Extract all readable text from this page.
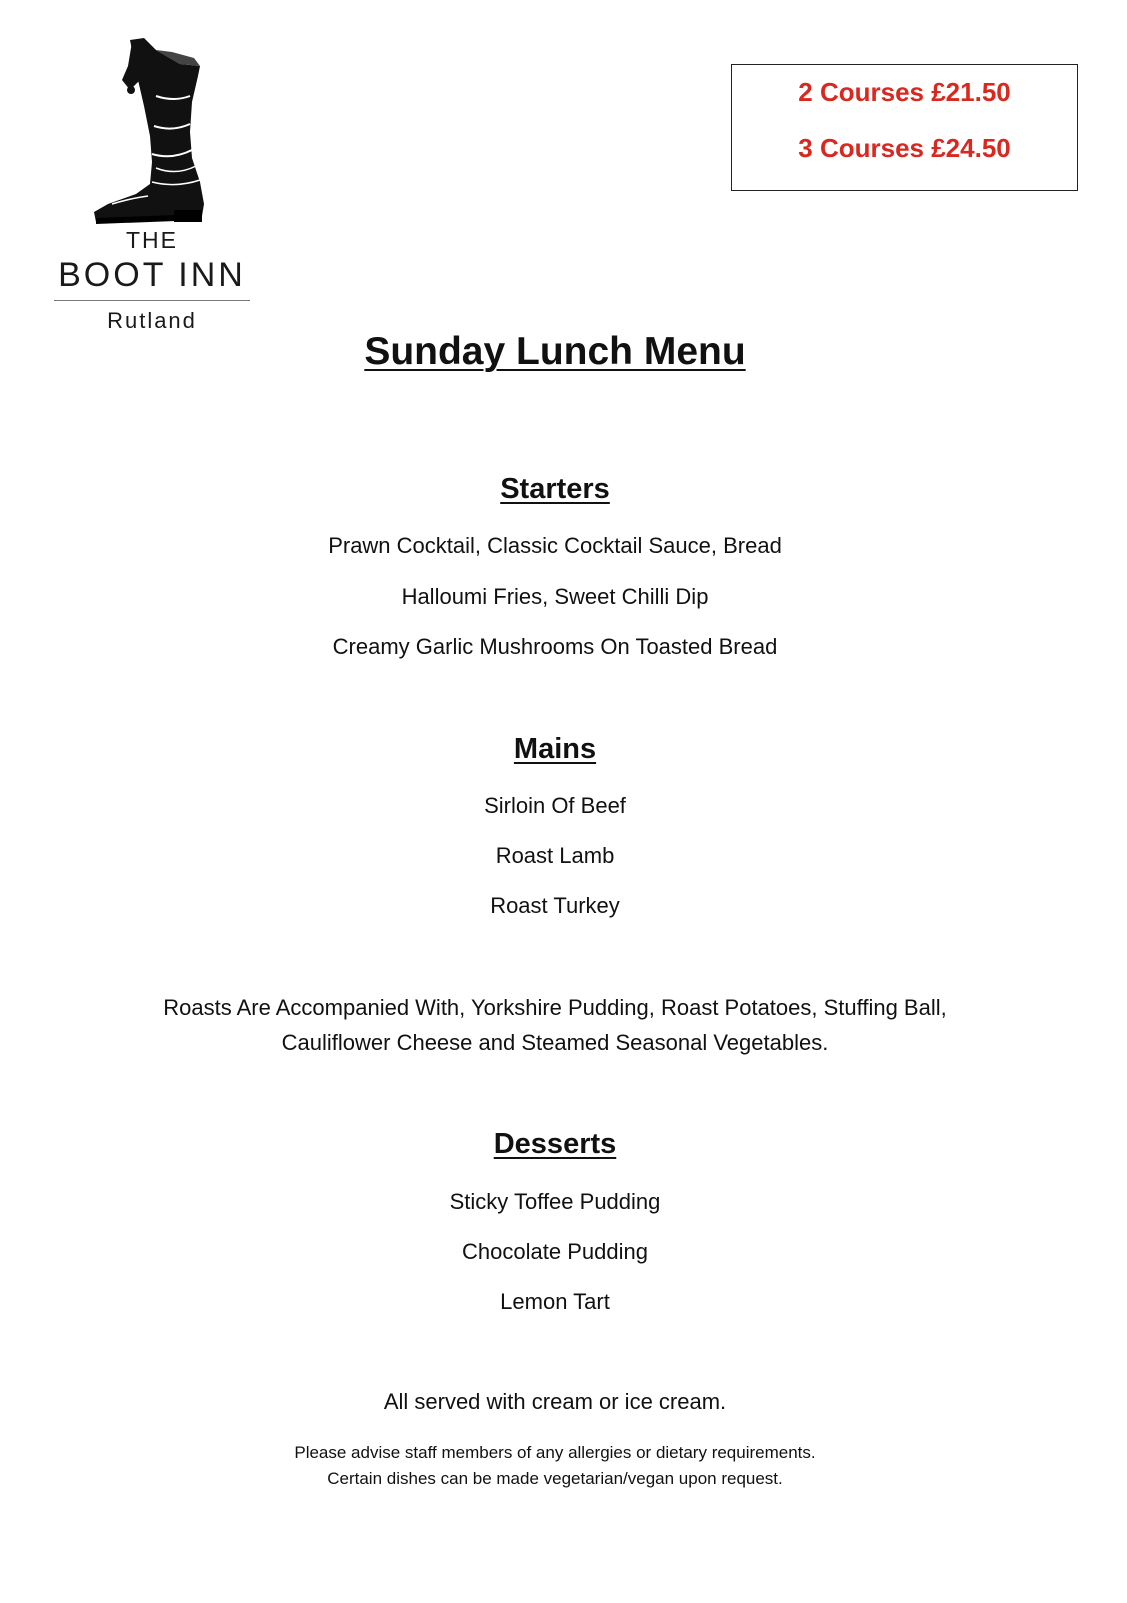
THE
BOOT INN
Rutland
2 Courses £21.50
3 Courses £24.50
Sunday Lunch Menu
Starters
Prawn Cocktail, Classic Cocktail Sauce, Bread
Halloumi Fries, Sweet Chilli Dip
Creamy Garlic Mushrooms On Toasted Bread
Mains
Sirloin Of Beef
Roast Lamb
Roast Turkey
Roasts Are Accompanied With, Yorkshire Pudding, Roast Potatoes, Stuffing Ball, Cauliflower Cheese and Steamed Seasonal Vegetables.
Desserts
Sticky Toffee Pudding
Chocolate Pudding
Lemon Tart
All served with cream or ice cream.
Please advise staff members of any allergies or dietary requirements.
Certain dishes can be made vegetarian/vegan upon request.
